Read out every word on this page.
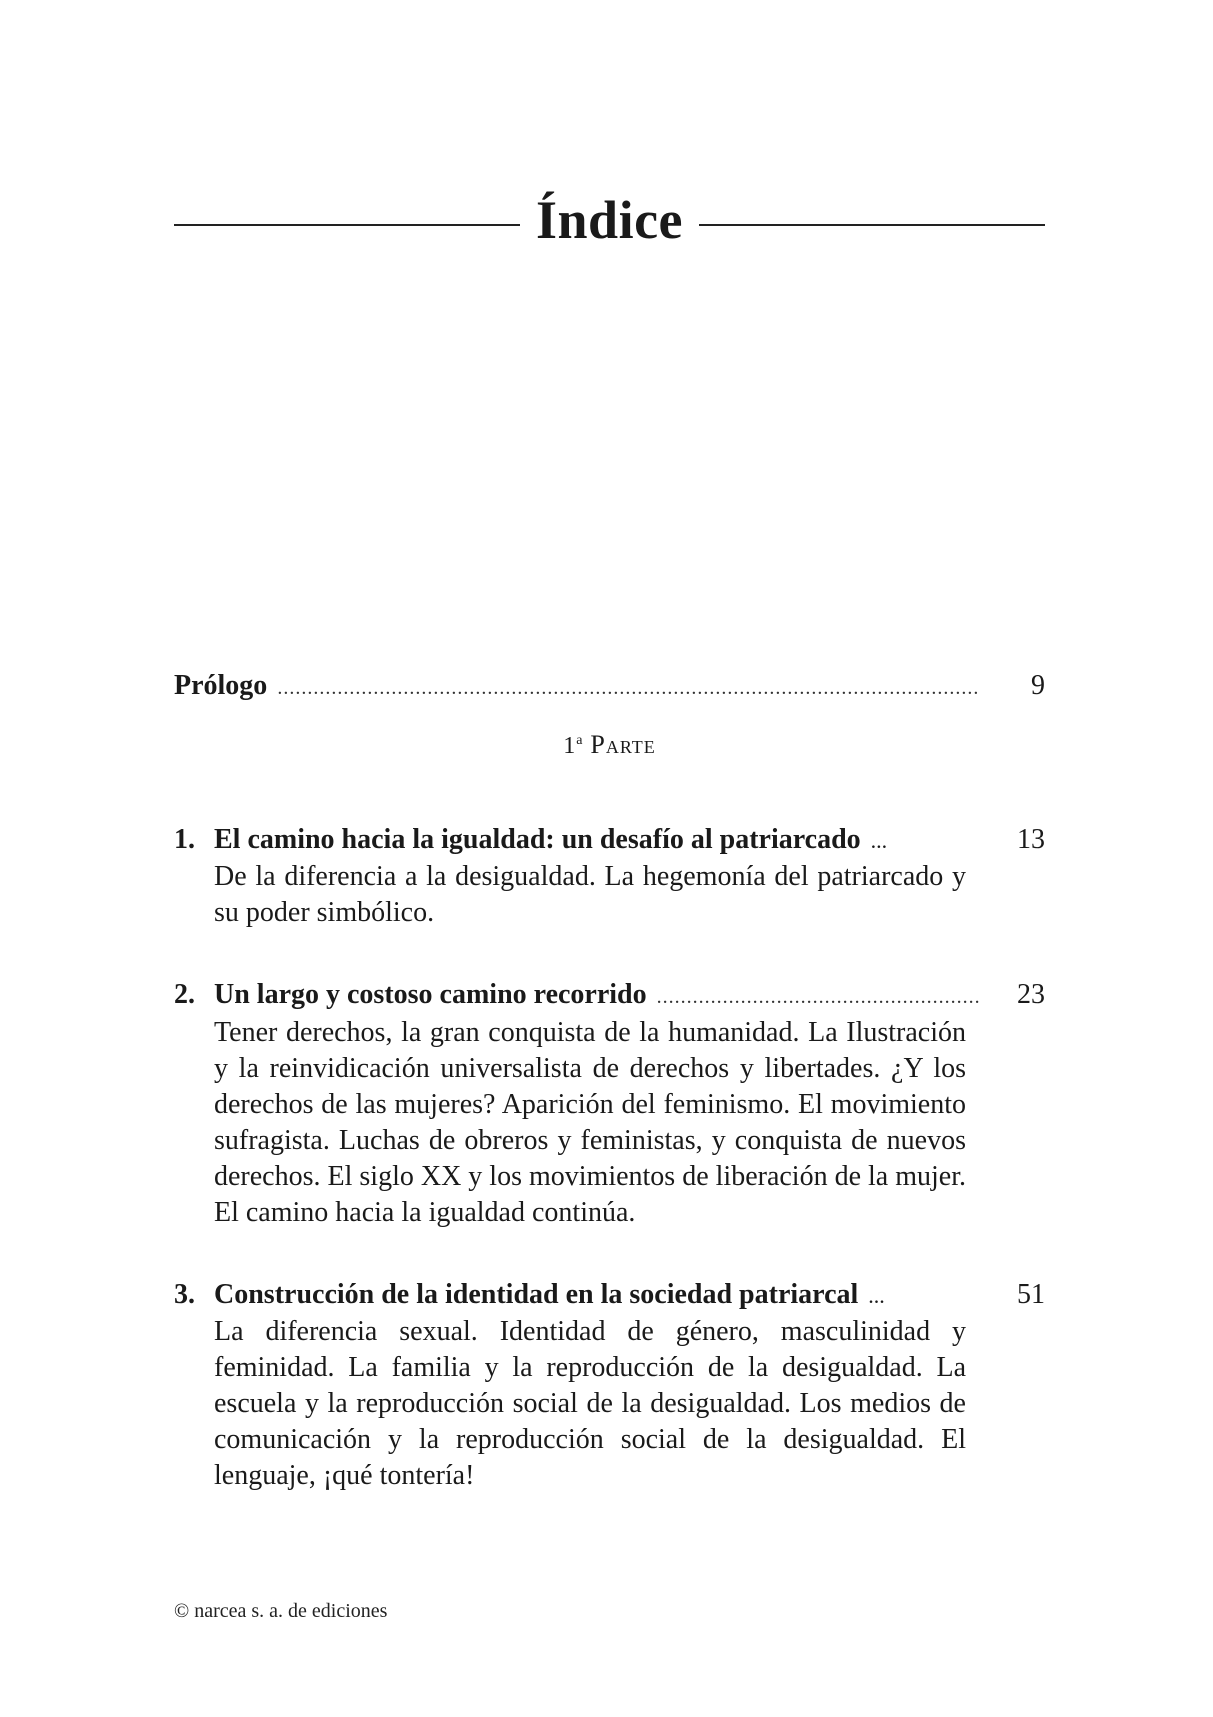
Índice
Prólogo .....	9
1$^a$ Parte
1. El camino hacia la igualdad: un desafío al patriarcado ...	13
De la diferencia a la desigualdad. La hegemonía del patriarcado y su poder simbólico.
2. Un largo y costoso camino recorrido .....	23
Tener derechos, la gran conquista de la humanidad. La Ilustración y la reinvidicación universalista de derechos y libertades. ¿Y los derechos de las mujeres? Aparición del feminismo. El movimiento sufragista. Luchas de obreros y feministas, y conquista de nuevos derechos. El siglo XX y los movimientos de liberación de la mujer. El camino hacia la igualdad continúa.
3. Construcción de la identidad en la sociedad patriarcal ...	51
La diferencia sexual. Identidad de género, masculinidad y feminidad. La familia y la reproducción de la desigualdad. La escuela y la reproducción social de la desigualdad. Los medios de comunicación y la reproducción social de la desigualdad. El lenguaje, ¡qué tontería!
© narcea s. a. de ediciones
